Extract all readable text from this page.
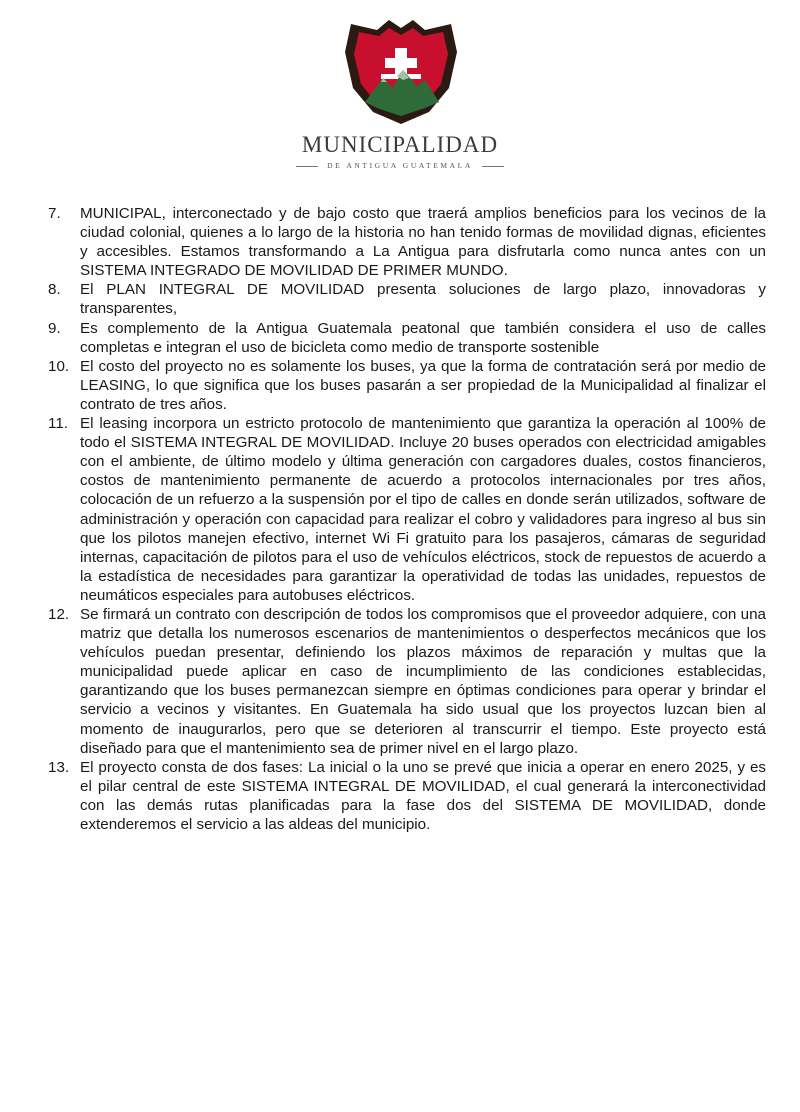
MUNICIPALIDAD
DE ANTIGUA GUATEMALA
7.	MUNICIPAL, interconectado y de bajo costo que traerá amplios beneficios para los vecinos de la ciudad colonial, quienes a lo largo de la historia no han tenido formas de movilidad dignas, eficientes y accesibles. Estamos transformando a La Antigua para disfrutarla como nunca antes con un SISTEMA INTEGRADO DE MOVILIDAD DE PRIMER MUNDO.
8.	El PLAN INTEGRAL DE MOVILIDAD presenta soluciones de largo plazo, innovadoras y transparentes,
9.	Es complemento de la Antigua Guatemala peatonal que también considera el uso de calles completas e integran el uso de bicicleta como medio de transporte sostenible
10. El costo del proyecto no es solamente los buses, ya que la forma de contratación será por medio de LEASING, lo que significa que los buses pasarán a ser propiedad de la Municipalidad al finalizar el contrato de tres años.
11. El leasing incorpora un estricto protocolo de mantenimiento que garantiza la operación al 100% de todo el SISTEMA INTEGRAL DE MOVILIDAD. Incluye 20 buses operados con electricidad amigables con el ambiente, de último modelo y última generación con cargadores duales, costos financieros, costos de mantenimiento permanente de acuerdo a protocolos internacionales por tres años, colocación de un refuerzo a la suspensión por el tipo de calles en donde serán utilizados, software de administración y operación con capacidad para realizar el cobro y validadores para ingreso al bus sin que los pilotos manejen efectivo, internet Wi Fi gratuito para los pasajeros, cámaras de seguridad internas, capacitación de pilotos para el uso de vehículos eléctricos, stock de repuestos de acuerdo a la estadística de necesidades para garantizar la operatividad de todas las unidades, repuestos de neumáticos especiales para autobuses eléctricos.
12. Se firmará un contrato con descripción de todos los compromisos que el proveedor adquiere, con una matriz que detalla los numerosos escenarios de mantenimientos o desperfectos mecánicos que los vehículos puedan presentar, definiendo los plazos máximos de reparación y multas que la municipalidad puede aplicar en caso de incumplimiento de las condiciones establecidas, garantizando que los buses permanezcan siempre en óptimas condiciones para operar y brindar el servicio a vecinos y visitantes. En Guatemala ha sido usual que los proyectos luzcan bien al momento de inaugurarlos, pero que se deterioren al transcurrir el tiempo. Este proyecto está diseñado para que el mantenimiento sea de primer nivel en el largo plazo.
13. El proyecto consta de dos fases: La inicial o la uno se prevé que inicia a operar en enero 2025, y es el pilar central de este SISTEMA INTEGRAL DE MOVILIDAD, el cual generará la interconectividad con las demás rutas planificadas para la fase dos del SISTEMA DE MOVILIDAD, donde extenderemos el servicio a las aldeas del municipio.
